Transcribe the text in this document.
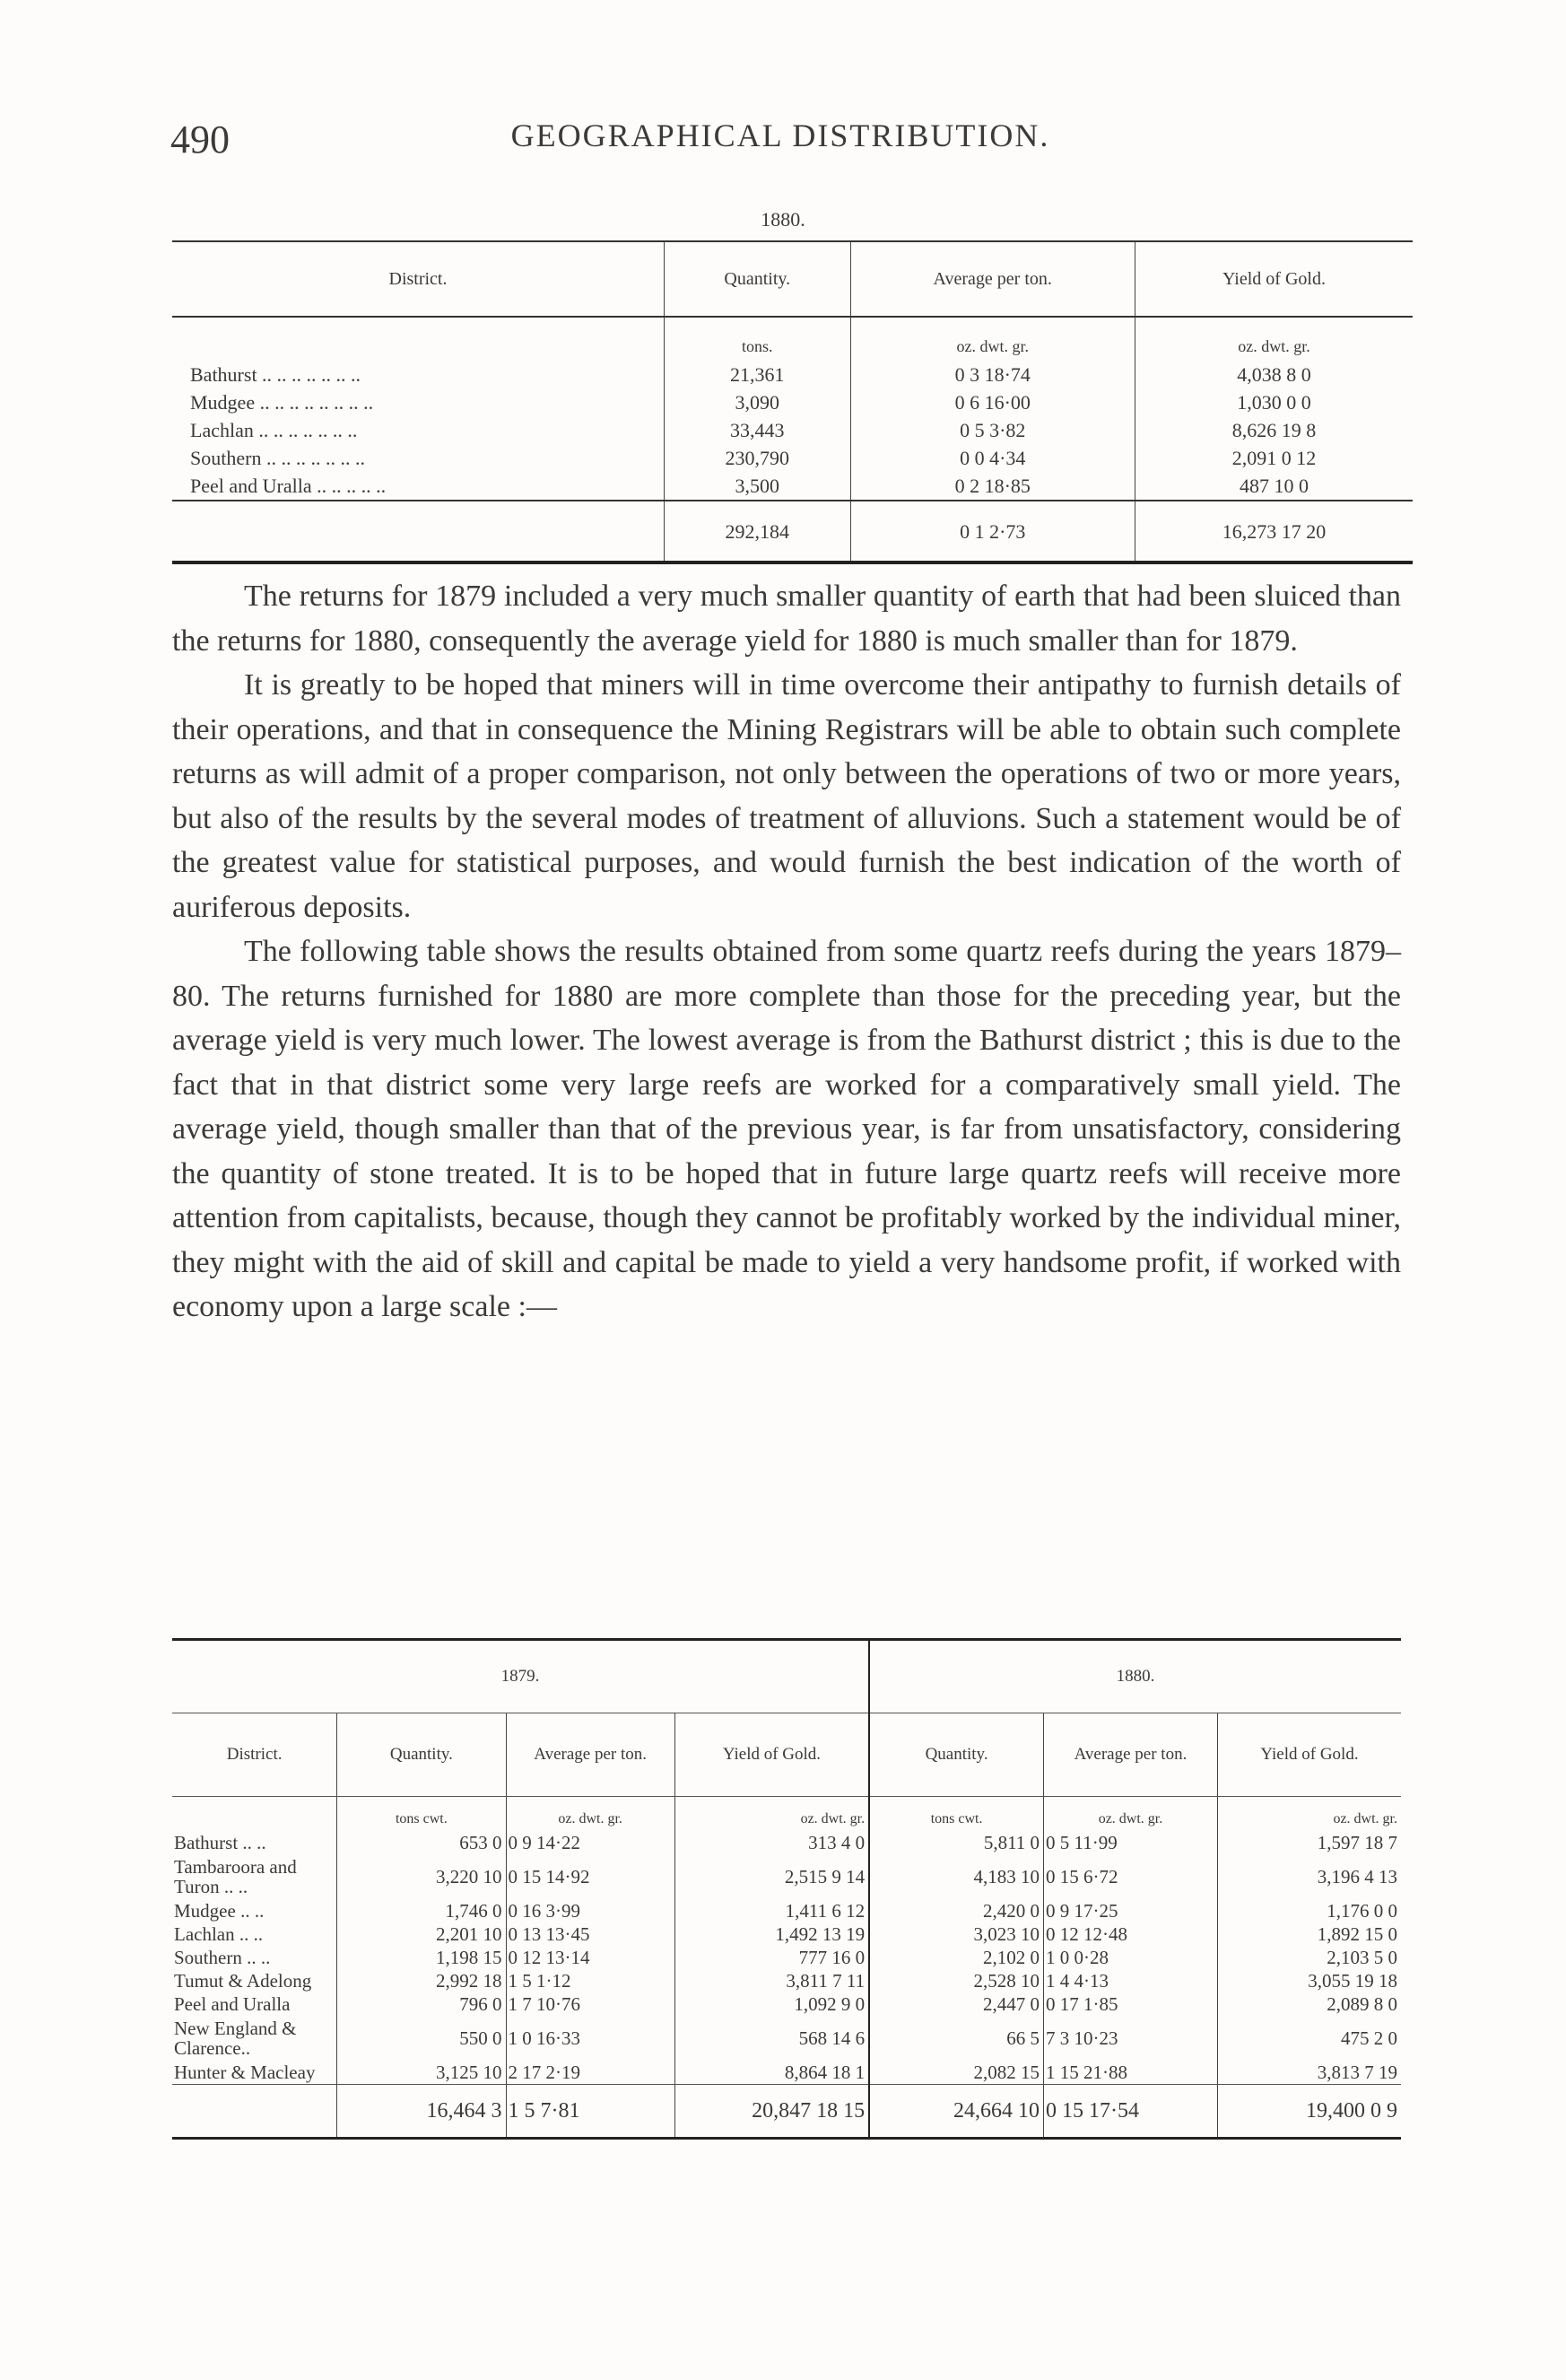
490	GEOGRAPHICAL DISTRIBUTION.
1880.
District.	Quantity.	Average per ton.	Yield of Gold.
	tons.	oz. dwt. gr.	oz. dwt. gr.
Bathurst .. .. .. .. .. .. ..	21,361	0 3 18·74	4,038 8 0
Mudgee .. .. .. .. .. .. .. ..	3,090	0 6 16·00	1,030 0 0
Lachlan .. .. .. .. .. .. ..	33,443	0 5 3·82	8,626 19 8
Southern .. .. .. .. .. .. ..	230,790	0 0 4·34	2,091 0 12
Peel and Uralla .. .. .. .. ..	3,500	0 2 18·85	487 10 0
	292,184	0 1 2·73	16,273 17 20

The returns for 1879 included a very much smaller quantity of earth that had been sluiced than the returns for 1880, consequently the average yield for 1880 is much smaller than for 1879.

It is greatly to be hoped that miners will in time overcome their antipathy to furnish details of their operations, and that in consequence the Mining Registrars will be able to obtain such complete returns as will admit of a proper comparison, not only between the operations of two or more years, but also of the results by the several modes of treatment of alluvions. Such a statement would be of the greatest value for statistical purposes, and would furnish the best indication of the worth of auriferous deposits.

The following table shows the results obtained from some quartz reefs during the years 1879–80. The returns furnished for 1880 are more complete than those for the preceding year, but the average yield is very much lower. The lowest average is from the Bathurst district ; this is due to the fact that in that district some very large reefs are worked for a comparatively small yield. The average yield, though smaller than that of the previous year, is far from unsatisfactory, considering the quantity of stone treated. It is to be hoped that in future large quartz reefs will receive more attention from capitalists, because, though they cannot be profitably worked by the individual miner, they might with the aid of skill and capital be made to yield a very handsome profit, if worked with economy upon a large scale :—

1879.				1880.		
District.	Quantity.	Average per ton.	Yield of Gold.	Quantity.	Average per ton.	Yield of Gold.
	tons cwt.	oz. dwt. gr.	oz. dwt. gr.	tons cwt.	oz. dwt. gr.	oz. dwt. gr.
Bathurst .. ..	653 0	0 9 14·22	313 4 0	5,811 0	0 5 11·99	1,597 18 7
Tambaroora and Turon .. ..	3,220 10	0 15 14·92	2,515 9 14	4,183 10	0 15 6·72	3,196 4 13
Mudgee .. ..	1,746 0	0 16 3·99	1,411 6 12	2,420 0	0 9 17·25	1,176 0 0
Lachlan .. ..	2,201 10	0 13 13·45	1,492 13 19	3,023 10	0 12 12·48	1,892 15 0
Southern .. ..	1,198 15	0 12 13·14	777 16 0	2,102 0	1 0 0·28	2,103 5 0
Tumut & Adelong	2,992 18	1 5 1·12	3,811 7 11	2,528 10	1 4 4·13	3,055 19 18
Peel and Uralla	796 0	1 7 10·76	1,092 9 0	2,447 0	0 17 1·85	2,089 8 0
New England & Clarence..	550 0	1 0 16·33	568 14 6	66 5	7 3 10·23	475 2 0
Hunter & Macleay	3,125 10	2 17 2·19	8,864 18 1	2,082 15	1 15 21·88	3,813 7 19
	16,464 3	1 5 7·81	20,847 18 15	24,664 10	0 15 17·54	19,400 0 9
